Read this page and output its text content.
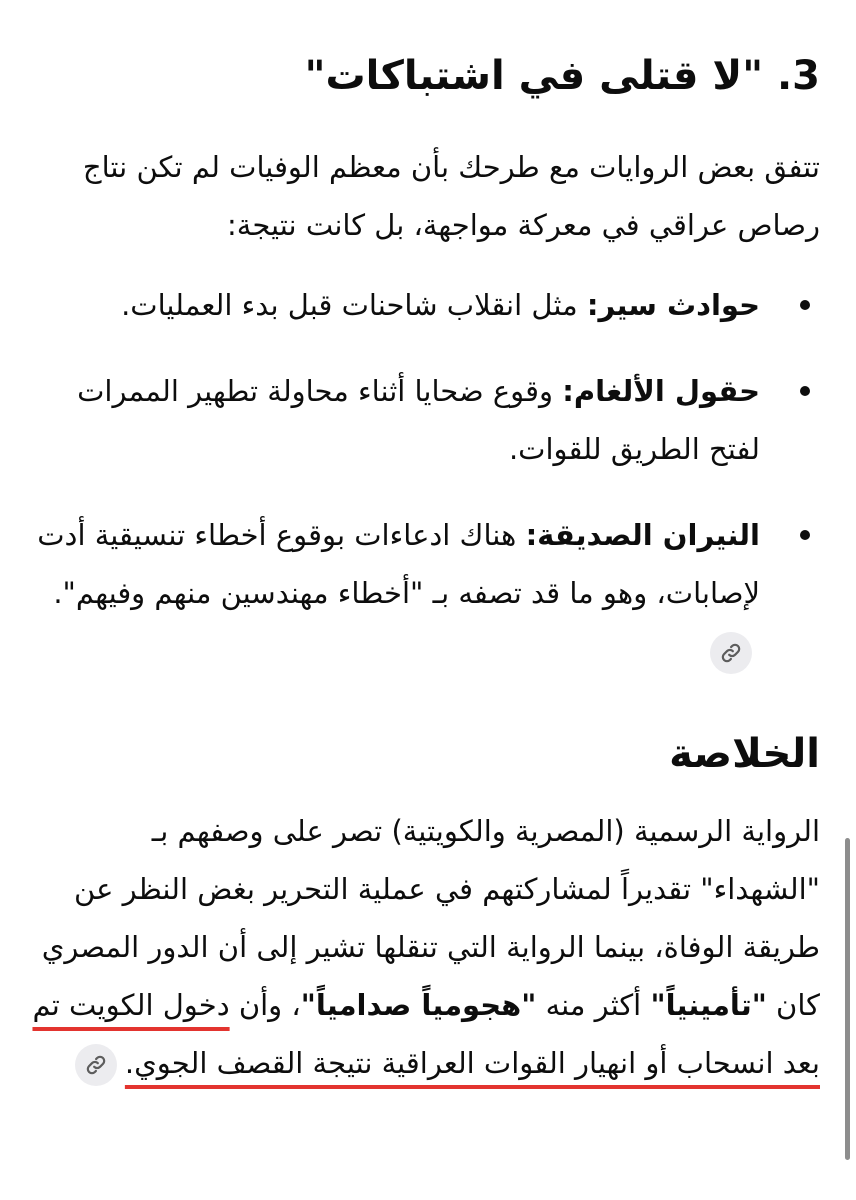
3. "لا قتلى في اشتباكات"

تتفق بعض الروايات مع طرحك بأن معظم الوفيات لم تكن نتاج رصاص عراقي في معركة مواجهة، بل كانت نتيجة:

حوادث سير: مثل انقلاب شاحنات قبل بدء العمليات.
حقول الألغام: وقوع ضحايا أثناء محاولة تطهير الممرات لفتح الطريق للقوات.
النيران الصديقة: هناك ادعاءات بوقوع أخطاء تنسيقية أدت لإصابات، وهو ما قد تصفه بـ "أخطاء مهندسين منهم وفيهم".
الخلاصة

الرواية الرسمية (المصرية والكويتية) تصر على وصفهم بـ "الشهداء" تقديراً لمشاركتهم في عملية التحرير بغض النظر عن طريقة الوفاة، بينما الرواية التي تنقلها تشير إلى أن الدور المصري كان "تأمينياً" أكثر منه "هجومياً صدامياً"، وأن دخول الكويت تم بعد انسحاب أو انهيار القوات العراقية نتيجة القصف الجوي.
